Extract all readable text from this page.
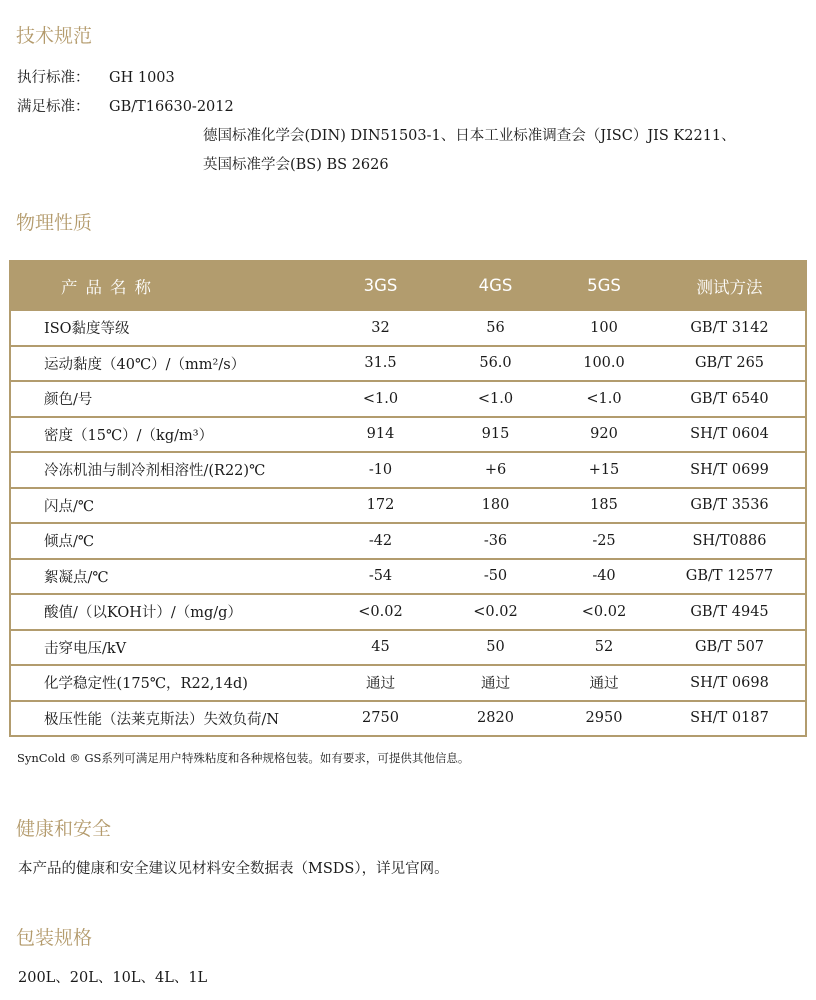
技术规范
执行标准： GH 1003
满足标准： GB/T16630-2012
德国标准化学会(DIN) DIN51503-1、日本工业标准调查会（JISC）JIS K2211、
英国标准学会(BS) BS 2626
物理性质
产品名称	3GS	4GS	5GS	测试方法
ISO黏度等级	32	56	100	GB/T 3142
运动黏度（40℃）/（mm²/s）	31.5	56.0	100.0	GB/T 265
颜色/号	<1.0	<1.0	<1.0	GB/T 6540
密度（15℃）/（kg/m³）	914	915	920	SH/T 0604
冷冻机油与制冷剂相溶性/(R22)℃	-10	+6	+15	SH/T 0699
闪点/℃	172	180	185	GB/T 3536
倾点/℃	-42	-36	-25	SH/T0886
絮凝点/℃	-54	-50	-40	GB/T 12577
酸值/（以KOH计）/（mg/g）	<0.02	<0.02	<0.02	GB/T 4945
击穿电压/kV	45	50	52	GB/T 507
化学稳定性(175℃，R22,14d)	通过	通过	通过	SH/T 0698
极压性能（法莱克斯法）失效负荷/N	2750	2820	2950	SH/T 0187
SynCold ® GS系列可满足用户特殊粘度和各种规格包装。如有要求，可提供其他信息。
健康和安全
本产品的健康和安全建议见材料安全数据表（MSDS），详见官网。
包装规格
200L、20L、10L、4L、1L
